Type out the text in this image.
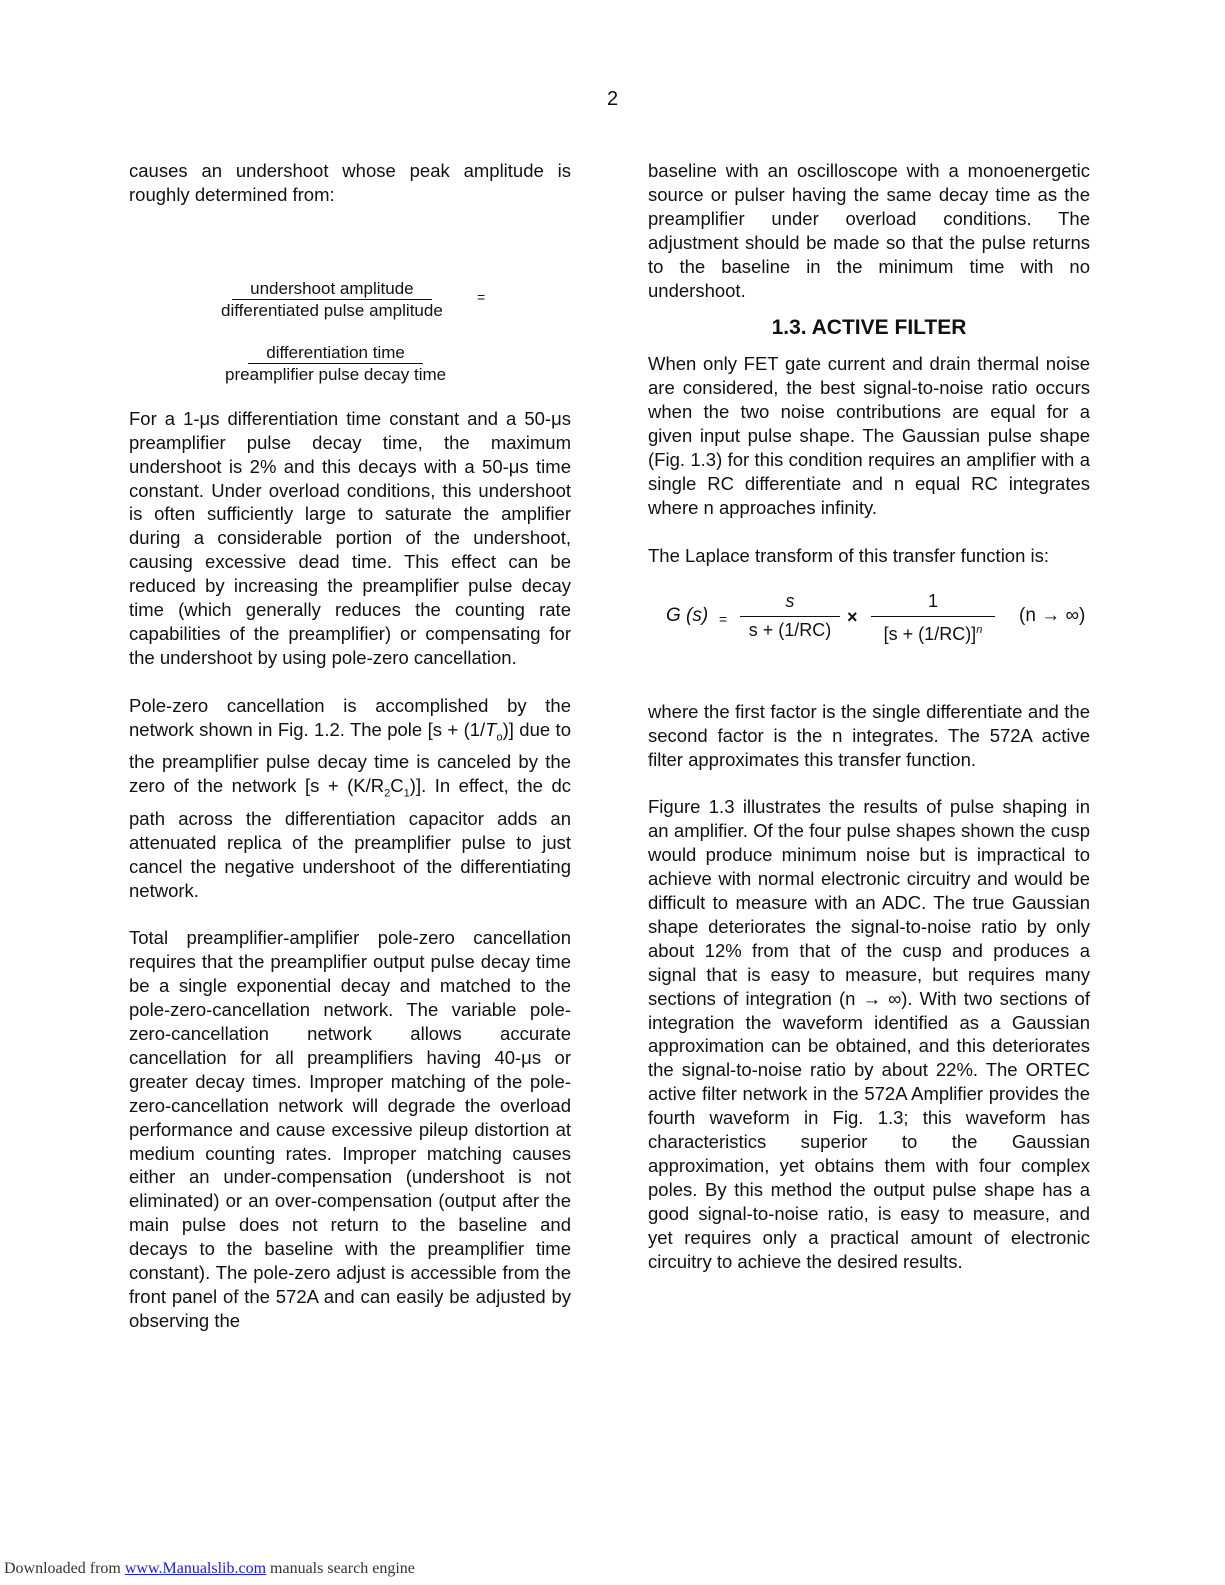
2

causes an undershoot whose peak amplitude is roughly determined from:

undershoot amplitude
differentiated pulse amplitude
=
differentiation time
preamplifier pulse decay time

For a 1-μs differentiation time constant and a 50-μs preamplifier pulse decay time, the maximum undershoot is 2% and this decays with a 50-μs time constant. Under overload conditions, this undershoot is often sufficiently large to saturate the amplifier during a considerable portion of the undershoot, causing excessive dead time. This effect can be reduced by increasing the preamplifier pulse decay time (which generally reduces the counting rate capabilities of the preamplifier) or compensating for the undershoot by using pole-zero cancellation.

Pole-zero cancellation is accomplished by the network shown in Fig. 1.2. The pole $[s + (1/T_o)]$ due to the preamplifier pulse decay time is canceled by the zero of the network $[s + (K/R_2C_1)]$. In effect, the dc path across the differentiation capacitor adds an attenuated replica of the preamplifier pulse to just cancel the negative undershoot of the differentiating network.

Total preamplifier-amplifier pole-zero cancellation requires that the preamplifier output pulse decay time be a single exponential decay and matched to the pole-zero-cancellation network. The variable pole-zero-cancellation network allows accurate cancellation for all preamplifiers having 40-μs or greater decay times. Improper matching of the pole-zero-cancellation network will degrade the overload performance and cause excessive pileup distortion at medium counting rates. Improper matching causes either an under-compensation (undershoot is not eliminated) or an over-compensation (output after the main pulse does not return to the baseline and decays to the baseline with the preamplifier time constant). The pole-zero adjust is accessible from the front panel of the 572A and can easily be adjusted by observing the

baseline with an oscilloscope with a monoenergetic source or pulser having the same decay time as the preamplifier under overload conditions. The adjustment should be made so that the pulse returns to the baseline in the minimum time with no undershoot.

1.3. ACTIVE FILTER

When only FET gate current and drain thermal noise are considered, the best signal-to-noise ratio occurs when the two noise contributions are equal for a given input pulse shape. The Gaussian pulse shape (Fig. 1.3) for this condition requires an amplifier with a single RC differentiate and n equal RC integrates where n approaches infinity.

The Laplace transform of this transfer function is:

G $(s) = \frac{s}{s + (1/RC)} \times \frac{1}{[s + (1/RC)]^n} (n$ → ∞)

where the first factor is the single differentiate and the second factor is the n integrates. The 572A active filter approximates this transfer function.

Figure 1.3 illustrates the results of pulse shaping in an amplifier. Of the four pulse shapes shown the cusp would produce minimum noise but is impractical to achieve with normal electronic circuitry and would be difficult to measure with an ADC. The true Gaussian shape deteriorates the signal-to-noise ratio by only about 12% from that of the cusp and produces a signal that is easy to measure, but requires many sections of integration (n → ∞). With two sections of integration the waveform identified as a Gaussian approximation can be obtained, and this deteriorates the signal-to-noise ratio by about 22%. The ORTEC active filter network in the 572A Amplifier provides the fourth waveform in Fig. 1.3; this waveform has characteristics superior to the Gaussian approximation, yet obtains them with four complex poles. By this method the output pulse shape has a good signal-to-noise ratio, is easy to measure, and yet requires only a practical amount of electronic circuitry to achieve the desired results.

Downloaded from www.Manualslib.com manuals search engine
